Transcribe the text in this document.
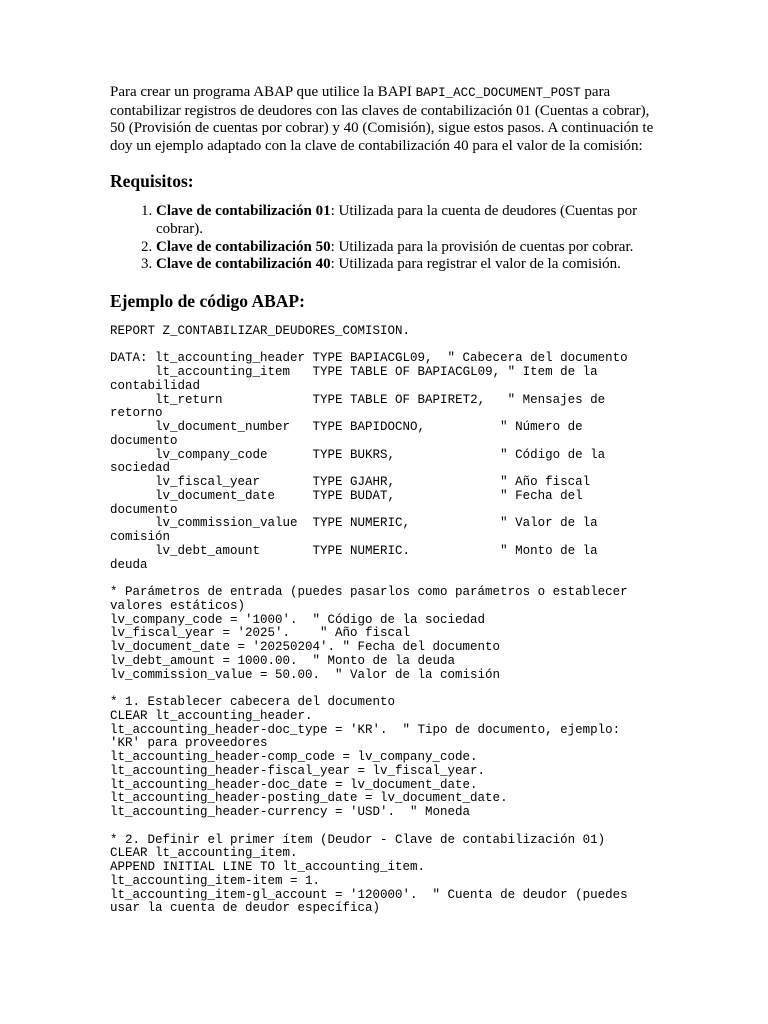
Para crear un programa ABAP que utilice la BAPI BAPI_ACC_DOCUMENT_POST para contabilizar registros de deudores con las claves de contabilización 01 (Cuentas a cobrar), 50 (Provisión de cuentas por cobrar) y 40 (Comisión), sigue estos pasos. A continuación te doy un ejemplo adaptado con la clave de contabilización 40 para el valor de la comisión:

Requisitos:
1. Clave de contabilización 01: Utilizada para la cuenta de deudores (Cuentas por cobrar).
2. Clave de contabilización 50: Utilizada para la provisión de cuentas por cobrar.
3. Clave de contabilización 40: Utilizada para registrar el valor de la comisión.
Ejemplo de código ABAP:
REPORT Z_CONTABILIZAR_DEUDORES_COMISION.

DATA: lt_accounting_header TYPE BAPIACGL09,  " Cabecera del documento
lt_accounting_item   TYPE TABLE OF BAPIACGL09, " Item de la
contabilidad
lt_return            TYPE TABLE OF BAPIRET2,   " Mensajes de
retorno
lv_document_number   TYPE BAPIDOCNO,          " Número de
documento
lv_company_code      TYPE BUKRS,              " Código de la
sociedad
lv_fiscal_year       TYPE GJAHR,              " Año fiscal
lv_document_date     TYPE BUDAT,              " Fecha del
documento
lv_commission_value  TYPE NUMERIC,            " Valor de la
comisión
lv_debt_amount       TYPE NUMERIC.            " Monto de la
deuda

* Parámetros de entrada (puedes pasarlos como parámetros o establecer
valores estáticos)
lv_company_code = '1000'.  " Código de la sociedad
lv_fiscal_year = '2025'.    " Año fiscal
lv_document_date = '20250204'. " Fecha del documento
lv_debt_amount = 1000.00.  " Monto de la deuda
lv_commission_value = 50.00.  " Valor de la comisión

* 1. Establecer cabecera del documento
CLEAR lt_accounting_header.
lt_accounting_header-doc_type = 'KR'.  " Tipo de documento, ejemplo:
'KR' para proveedores
lt_accounting_header-comp_code = lv_company_code.
lt_accounting_header-fiscal_year = lv_fiscal_year.
lt_accounting_header-doc_date = lv_document_date.
lt_accounting_header-posting_date = lv_document_date.
lt_accounting_header-currency = 'USD'.  " Moneda

* 2. Definir el primer ítem (Deudor - Clave de contabilización 01)
CLEAR lt_accounting_item.
APPEND INITIAL LINE TO lt_accounting_item.
lt_accounting_item-item = 1.
lt_accounting_item-gl_account = '120000'.  " Cuenta de deudor (puedes
usar la cuenta de deudor específica)
